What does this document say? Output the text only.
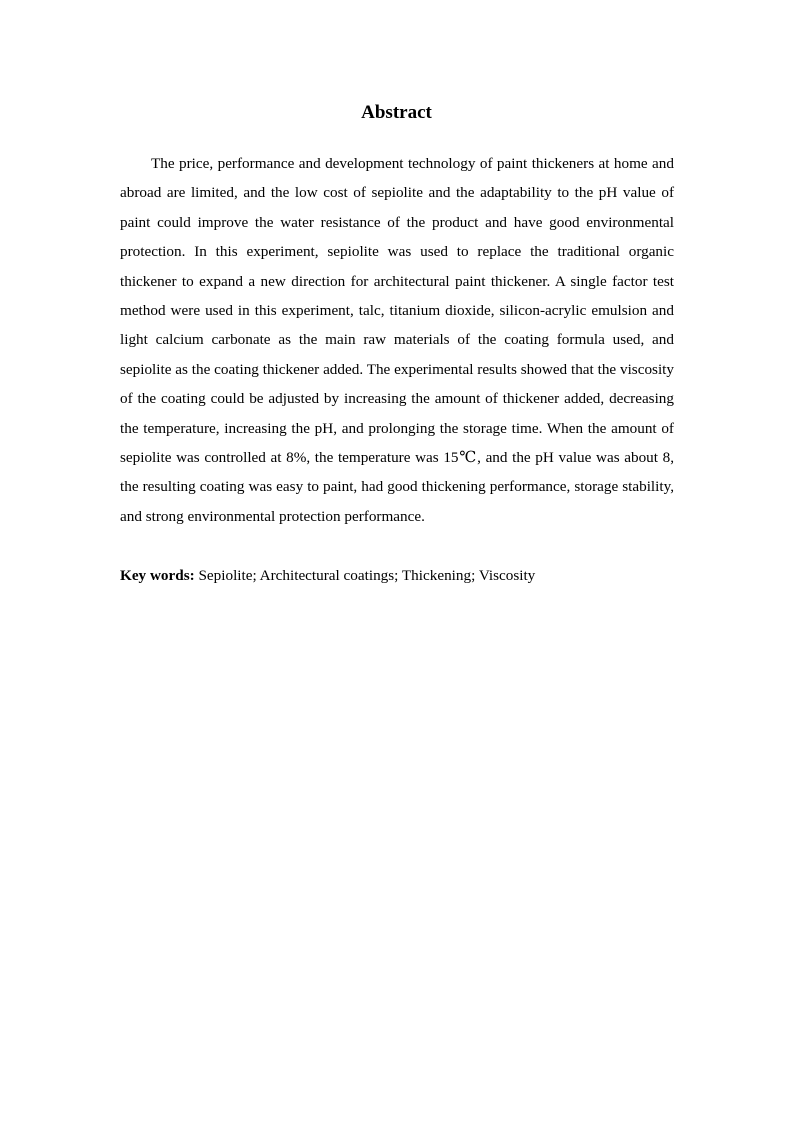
Abstract

The price, performance and development technology of paint thickeners at home and abroad are limited, and the low cost of sepiolite and the adaptability to the pH value of paint could improve the water resistance of the product and have good environmental protection. In this experiment, sepiolite was used to replace the traditional organic thickener to expand a new direction for architectural paint thickener. A single factor test method were used in this experiment, talc, titanium dioxide, silicon-acrylic emulsion and light calcium carbonate as the main raw materials of the coating formula used, and sepiolite as the coating thickener added. The experimental results showed that the viscosity of the coating could be adjusted by increasing the amount of thickener added, decreasing the temperature, increasing the pH, and prolonging the storage time. When the amount of sepiolite was controlled at 8%, the temperature was 15℃, and the pH value was about 8, the resulting coating was easy to paint, had good thickening performance, storage stability, and strong environmental protection performance.

Key words: Sepiolite; Architectural coatings; Thickening; Viscosity
